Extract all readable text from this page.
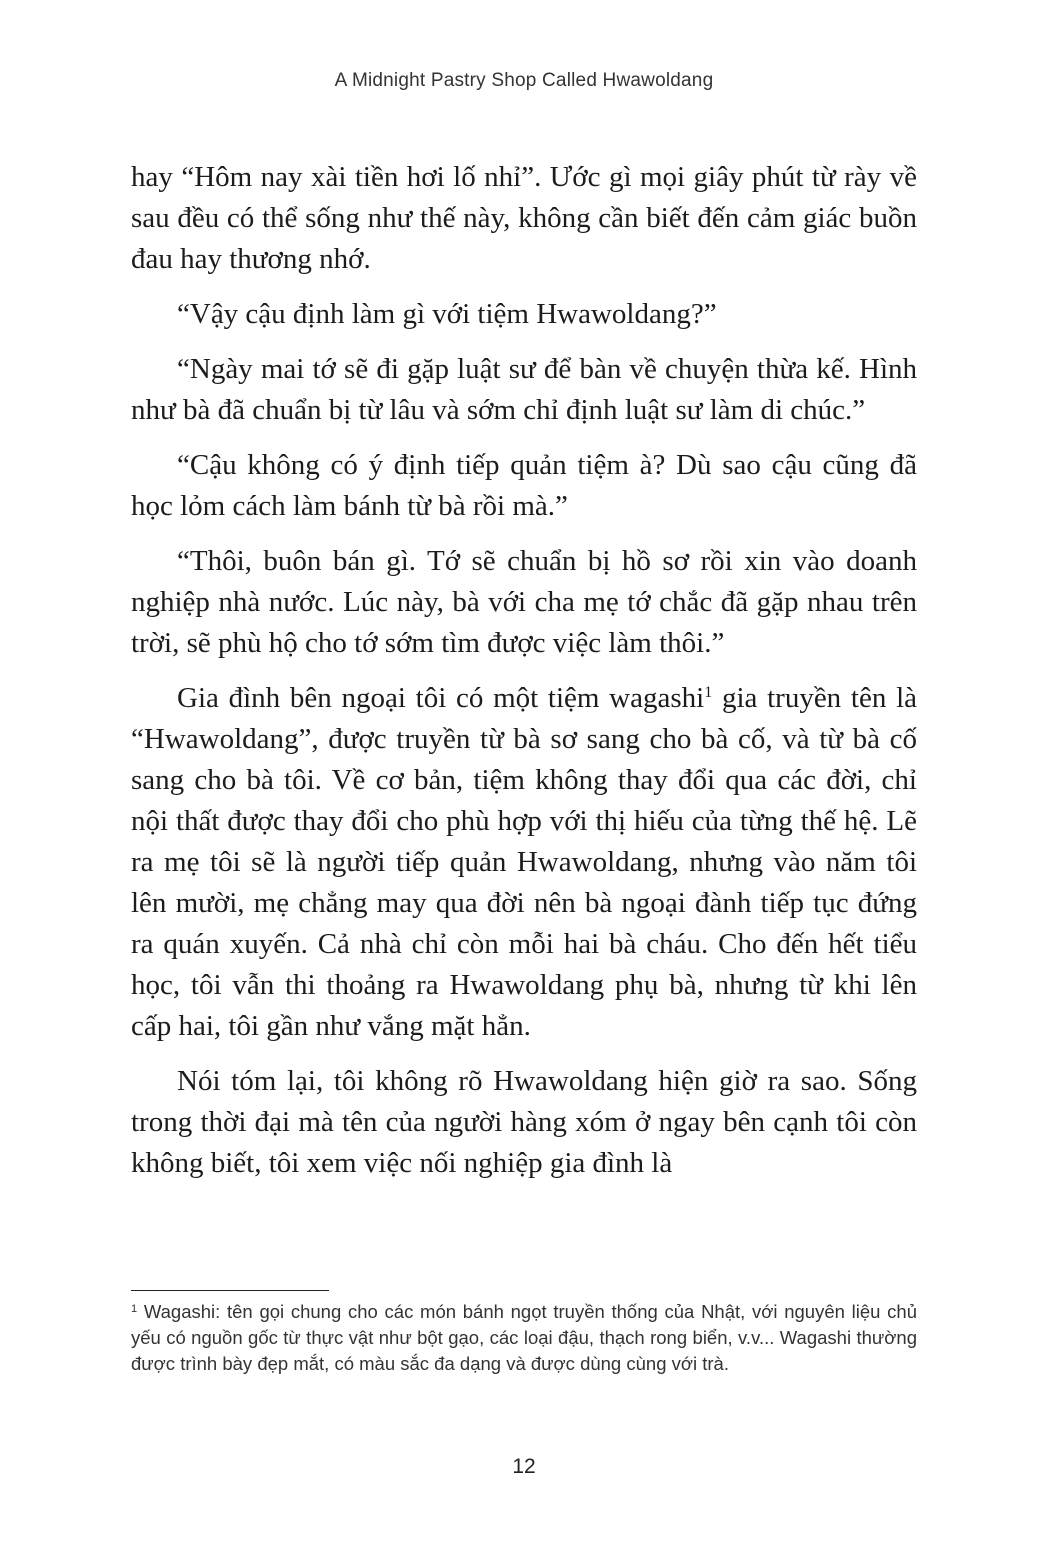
A Midnight Pastry Shop Called Hwawoldang

hay “Hôm nay xài tiền hơi lố nhỉ”. Ước gì mọi giây phút từ rày về sau đều có thể sống như thế này, không cần biết đến cảm giác buồn đau hay thương nhớ.

“Vậy cậu định làm gì với tiệm Hwawoldang?”

“Ngày mai tớ sẽ đi gặp luật sư để bàn về chuyện thừa kế. Hình như bà đã chuẩn bị từ lâu và sớm chỉ định luật sư làm di chúc.”

“Cậu không có ý định tiếp quản tiệm à? Dù sao cậu cũng đã học lỏm cách làm bánh từ bà rồi mà.”

“Thôi, buôn bán gì. Tớ sẽ chuẩn bị hồ sơ rồi xin vào doanh nghiệp nhà nước. Lúc này, bà với cha mẹ tớ chắc đã gặp nhau trên trời, sẽ phù hộ cho tớ sớm tìm được việc làm thôi.”

Gia đình bên ngoại tôi có một tiệm wagashi$^1$ gia truyền tên là “Hwawoldang”, được truyền từ bà sơ sang cho bà cố, và từ bà cố sang cho bà tôi. Về cơ bản, tiệm không thay đổi qua các đời, chỉ nội thất được thay đổi cho phù hợp với thị hiếu của từng thế hệ. Lẽ ra mẹ tôi sẽ là người tiếp quản Hwawoldang, nhưng vào năm tôi lên mười, mẹ chẳng may qua đời nên bà ngoại đành tiếp tục đứng ra quán xuyến. Cả nhà chỉ còn mỗi hai bà cháu. Cho đến hết tiểu học, tôi vẫn thi thoảng ra Hwawoldang phụ bà, nhưng từ khi lên cấp hai, tôi gần như vắng mặt hẳn.

Nói tóm lại, tôi không rõ Hwawoldang hiện giờ ra sao. Sống trong thời đại mà tên của người hàng xóm ở ngay bên cạnh tôi còn không biết, tôi xem việc nối nghiệp gia đình là

$^1$ Wagashi: tên gọi chung cho các món bánh ngọt truyền thống của Nhật, với nguyên liệu chủ yếu có nguồn gốc từ thực vật như bột gạo, các loại đậu, thạch rong biển, v.v... Wagashi thường được trình bày đẹp mắt, có màu sắc đa dạng và được dùng cùng với trà.
12
